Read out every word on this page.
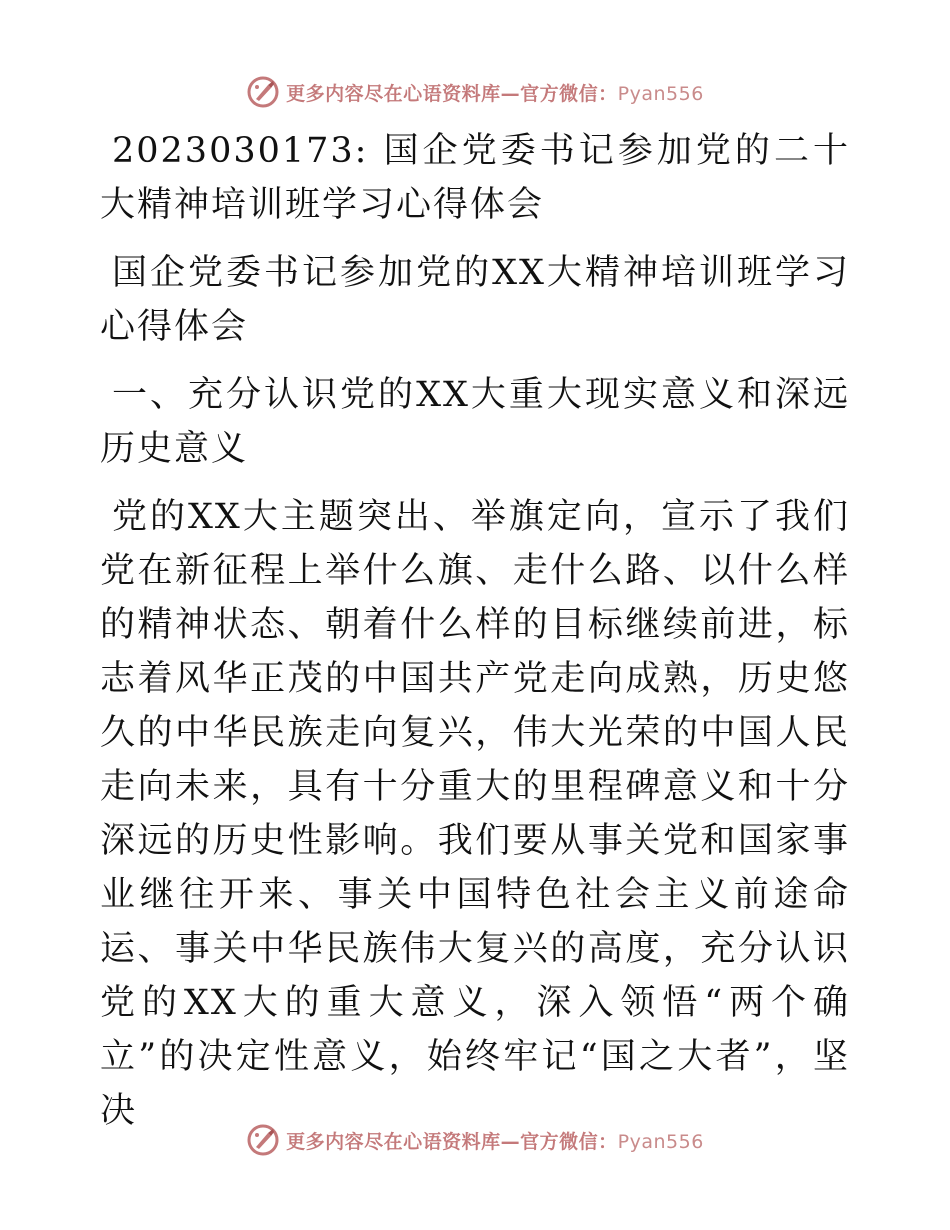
更多内容尽在心语资料库—官方微信：Pyan556

2023030173: 国企党委书记参加党的二十大精神培训班学习心得体会

国企党委书记参加党的XX大精神培训班学习心得体会

一、充分认识党的XX大重大现实意义和深远历史意义

党的XX大主题突出、举旗定向，宣示了我们党在新征程上举什么旗、走什么路、以什么样的精神状态、朝着什么样的目标继续前进，标志着风华正茂的中国共产党走向成熟，历史悠久的中华民族走向复兴，伟大光荣的中国人民走向未来，具有十分重大的里程碑意义和十分深远的历史性影响。我们要从事关党和国家事业继往开来、事关中国特色社会主义前途命运、事关中华民族伟大复兴的高度，充分认识党的XX大的重大意义，深入领悟“两个确立”的决定性意义，始终牢记“国之大者”，坚决

更多内容尽在心语资料库—官方微信：Pyan556
